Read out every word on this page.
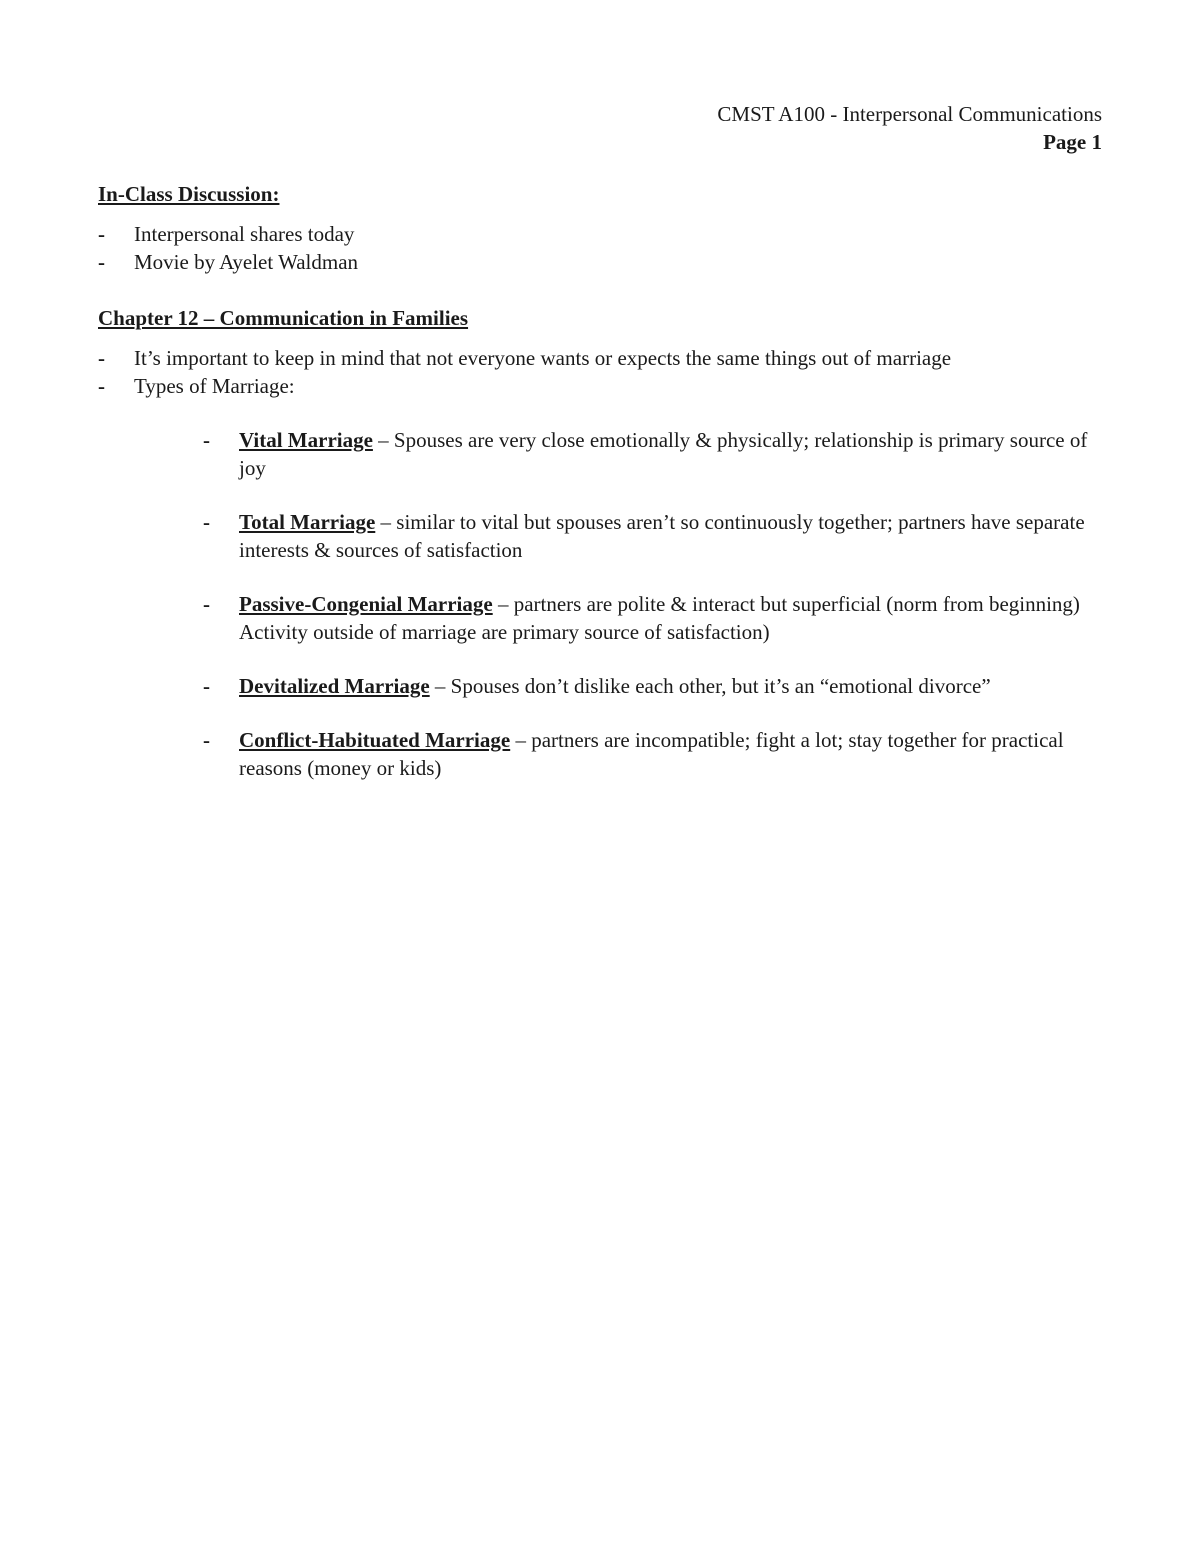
CMST A100 - Interpersonal Communications
Page 1

In-Class Discussion:

- Interpersonal shares today
- Movie by Ayelet Waldman

Chapter 12 – Communication in Families

- It’s important to keep in mind that not everyone wants or expects the same things out of marriage
- Types of Marriage:
- Vital Marriage – Spouses are very close emotionally & physically; relationship is primary source of joy
- Total Marriage – similar to vital but spouses aren’t so continuously together; partners have separate interests & sources of satisfaction
- Passive-Congenial Marriage – partners are polite & interact but superficial (norm from beginning) Activity outside of marriage are primary source of satisfaction)
- Devitalized Marriage – Spouses don’t dislike each other, but it’s an “emotional divorce”
- Conflict-Habituated Marriage – partners are incompatible; fight a lot; stay together for practical reasons (money or kids)
